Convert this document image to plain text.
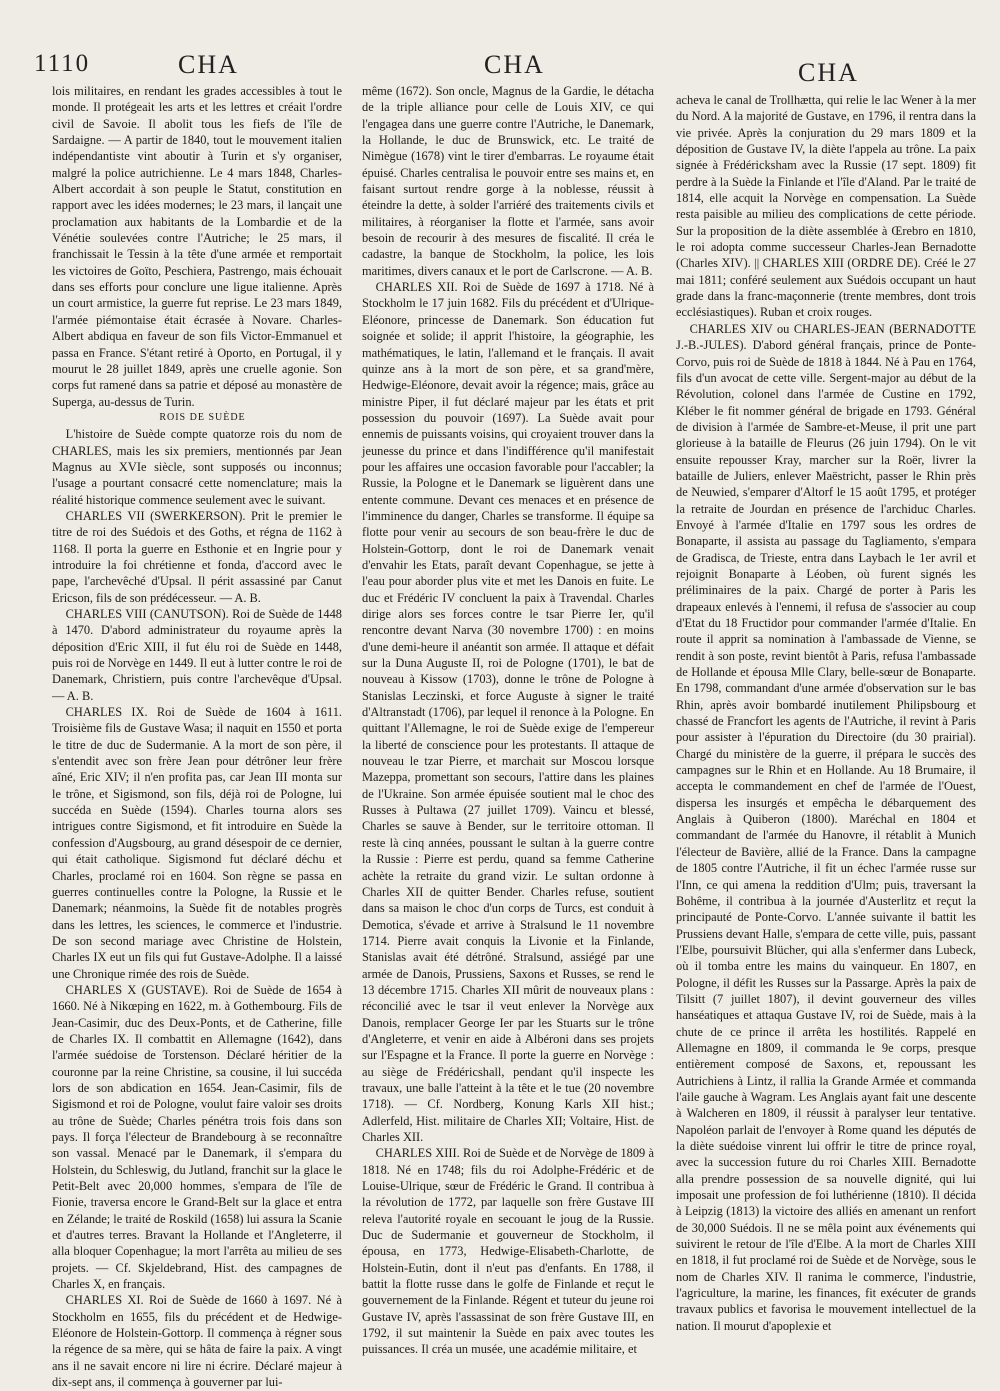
1110	CHA	CHA	CHA

lois militaires, en rendant les grades accessibles à tout le monde. Il protégeait les arts et les lettres et créait l'ordre civil de Savoie. Il abolit tous les fiefs de l'île de Sardaigne. — A partir de 1840, tout le mouvement italien indépendantiste vint aboutir à Turin et s'y organiser, malgré la police autrichienne. Le 4 mars 1848, Charles-Albert accordait à son peuple le Statut, constitution en rapport avec les idées modernes; le 23 mars, il lançait une proclamation aux habitants de la Lombardie et de la Vénétie soulevées contre l'Autriche; le 25 mars, il franchissait le Tessin à la tête d'une armée et remportait les victoires de Goïto, Peschiera, Pastrengo, mais échouait dans ses efforts pour conclure une ligue italienne. Après un court armistice, la guerre fut reprise. Le 23 mars 1849, l'armée piémontaise était écrasée à Novare. Charles-Albert abdiqua en faveur de son fils Victor-Emmanuel et passa en France. S'étant retiré à Oporto, en Portugal, il y mourut le 28 juillet 1849, après une cruelle agonie. Son corps fut ramené dans sa patrie et déposé au monastère de Superga, au-dessus de Turin.

ROIS DE SUÈDE

L'histoire de Suède compte quatorze rois du nom de CHARLES, mais les six premiers, mentionnés par Jean Magnus au XVIe siècle, sont supposés ou inconnus; l'usage a pourtant consacré cette nomenclature; mais la réalité historique commence seulement avec le suivant.

CHARLES VII (SWERKERSON). Prit le premier le titre de roi des Suédois et des Goths, et régna de 1162 à 1168. Il porta la guerre en Esthonie et en Ingrie pour y introduire la foi chrétienne et fonda, d'accord avec le pape, l'archevêché d'Upsal. Il périt assassiné par Canut Ericson, fils de son prédécesseur. — A. B.

CHARLES VIII (CANUTSON). Roi de Suède de 1448 à 1470. D'abord administrateur du royaume après la déposition d'Eric XIII, il fut élu roi de Suède en 1448, puis roi de Norvège en 1449. Il eut à lutter contre le roi de Danemark, Christiern, puis contre l'archevêque d'Upsal. — A. B.

CHARLES IX. Roi de Suède de 1604 à 1611. Troisième fils de Gustave Wasa; il naquit en 1550 et porta le titre de duc de Sudermanie. A la mort de son père, il s'entendit avec son frère Jean pour détrôner leur frère aîné, Eric XIV; il n'en profita pas, car Jean III monta sur le trône, et Sigismond, son fils, déjà roi de Pologne, lui succéda en Suède (1594). Charles tourna alors ses intrigues contre Sigismond, et fit introduire en Suède la confession d'Augsbourg, au grand désespoir de ce dernier, qui était catholique. Sigismond fut déclaré déchu et Charles, proclamé roi en 1604. Son règne se passa en guerres continuelles contre la Pologne, la Russie et le Danemark; néanmoins, la Suède fit de notables progrès dans les lettres, les sciences, le commerce et l'industrie. De son second mariage avec Christine de Holstein, Charles IX eut un fils qui fut Gustave-Adolphe. Il a laissé une Chronique rimée des rois de Suède.

CHARLES X (GUSTAVE). Roi de Suède de 1654 à 1660. Né à Nikœping en 1622, m. à Gothembourg. Fils de Jean-Casimir, duc des Deux-Ponts, et de Catherine, fille de Charles IX. Il combattit en Allemagne (1642), dans l'armée suédoise de Torstenson. Déclaré héritier de la couronne par la reine Christine, sa cousine, il lui succéda lors de son abdication en 1654. Jean-Casimir, fils de Sigismond et roi de Pologne, voulut faire valoir ses droits au trône de Suède; Charles pénétra trois fois dans son pays. Il força l'électeur de Brandebourg à se reconnaître son vassal. Menacé par le Danemark, il s'empara du Holstein, du Schleswig, du Jutland, franchit sur la glace le Petit-Belt avec 20,000 hommes, s'empara de l'île de Fionie, traversa encore le Grand-Belt sur la glace et entra en Zélande; le traité de Roskild (1658) lui assura la Scanie et d'autres terres. Bravant la Hollande et l'Angleterre, il alla bloquer Copenhague; la mort l'arrêta au milieu de ses projets. — Cf. Skjeldebrand, Hist. des campagnes de Charles X, en français.

CHARLES XI. Roi de Suède de 1660 à 1697. Né à Stockholm en 1655, fils du précédent et de Hedwige-Eléonore de Holstein-Gottorp. Il commença à régner sous la régence de sa mère, qui se hâta de faire la paix. A vingt ans il ne savait encore ni lire ni écrire. Déclaré majeur à dix-sept ans, il commença à gouverner par lui-

même (1672). Son oncle, Magnus de la Gardie, le détacha de la triple alliance pour celle de Louis XIV, ce qui l'engagea dans une guerre contre l'Autriche, le Danemark, la Hollande, le duc de Brunswick, etc. Le traité de Nimègue (1678) vint le tirer d'embarras. Le royaume était épuisé. Charles centralisa le pouvoir entre ses mains et, en faisant surtout rendre gorge à la noblesse, réussit à éteindre la dette, à solder l'arriéré des traitements civils et militaires, à réorganiser la flotte et l'armée, sans avoir besoin de recourir à des mesures de fiscalité. Il créa le cadastre, la banque de Stockholm, la police, les lois maritimes, divers canaux et le port de Carlscrone. — A. B.

CHARLES XII. Roi de Suède de 1697 à 1718. Né à Stockholm le 17 juin 1682. Fils du précédent et d'Ulrique-Eléonore, princesse de Danemark. Son éducation fut soignée et solide; il apprit l'histoire, la géographie, les mathématiques, le latin, l'allemand et le français. Il avait quinze ans à la mort de son père, et sa grand'mère, Hedwige-Eléonore, devait avoir la régence; mais, grâce au ministre Piper, il fut déclaré majeur par les états et prit possession du pouvoir (1697). La Suède avait pour ennemis de puissants voisins, qui croyaient trouver dans la jeunesse du prince et dans l'indifférence qu'il manifestait pour les affaires une occasion favorable pour l'accabler; la Russie, la Pologne et le Danemark se liguèrent dans une entente commune. Devant ces menaces et en présence de l'imminence du danger, Charles se transforme. Il équipe sa flotte pour venir au secours de son beau-frère le duc de Holstein-Gottorp, dont le roi de Danemark venait d'envahir les Etats, paraît devant Copenhague, se jette à l'eau pour aborder plus vite et met les Danois en fuite. Le duc et Frédéric IV concluent la paix à Travendal. Charles dirige alors ses forces contre le tsar Pierre Ier, qu'il rencontre devant Narva (30 novembre 1700) : en moins d'une demi-heure il anéantit son armée. Il attaque et défait sur la Duna Auguste II, roi de Pologne (1701), le bat de nouveau à Kissow (1703), donne le trône de Pologne à Stanislas Leczinski, et force Auguste à signer le traité d'Altranstadt (1706), par lequel il renonce à la Pologne. En quittant l'Allemagne, le roi de Suède exige de l'empereur la liberté de conscience pour les protestants. Il attaque de nouveau le tzar Pierre, et marchait sur Moscou lorsque Mazeppa, promettant son secours, l'attire dans les plaines de l'Ukraine. Son armée épuisée soutient mal le choc des Russes à Pultawa (27 juillet 1709). Vaincu et blessé, Charles se sauve à Bender, sur le territoire ottoman. Il reste là cinq années, poussant le sultan à la guerre contre la Russie : Pierre est perdu, quand sa femme Catherine achète la retraite du grand vizir. Le sultan ordonne à Charles XII de quitter Bender. Charles refuse, soutient dans sa maison le choc d'un corps de Turcs, est conduit à Demotica, s'évade et arrive à Stralsund le 11 novembre 1714. Pierre avait conquis la Livonie et la Finlande, Stanislas avait été détrôné. Stralsund, assiégé par une armée de Danois, Prussiens, Saxons et Russes, se rend le 13 décembre 1715. Charles XII mûrit de nouveaux plans : réconcilié avec le tsar il veut enlever la Norvège aux Danois, remplacer George Ier par les Stuarts sur le trône d'Angleterre, et venir en aide à Albéroni dans ses projets sur l'Espagne et la France. Il porte la guerre en Norvège : au siège de Frédéricshall, pendant qu'il inspecte les travaux, une balle l'atteint à la tête et le tue (20 novembre 1718). — Cf. Nordberg, Konung Karls XII hist.; Adlerfeld, Hist. militaire de Charles XII; Voltaire, Hist. de Charles XII.

CHARLES XIII. Roi de Suède et de Norvège de 1809 à 1818. Né en 1748; fils du roi Adolphe-Frédéric et de Louise-Ulrique, sœur de Frédéric le Grand. Il contribua à la révolution de 1772, par laquelle son frère Gustave III releva l'autorité royale en secouant le joug de la Russie. Duc de Sudermanie et gouverneur de Stockholm, il épousa, en 1773, Hedwige-Elisabeth-Charlotte, de Holstein-Eutin, dont il n'eut pas d'enfants. En 1788, il battit la flotte russe dans le golfe de Finlande et reçut le gouvernement de la Finlande. Régent et tuteur du jeune roi Gustave IV, après l'assassinat de son frère Gustave III, en 1792, il sut maintenir la Suède en paix avec toutes les puissances. Il créa un musée, une académie militaire, et

acheva le canal de Trollhætta, qui relie le lac Wener à la mer du Nord. A la majorité de Gustave, en 1796, il rentra dans la vie privée. Après la conjuration du 29 mars 1809 et la déposition de Gustave IV, la diète l'appela au trône. La paix signée à Frédéricksham avec la Russie (17 sept. 1809) fit perdre à la Suède la Finlande et l'île d'Aland. Par le traité de 1814, elle acquit la Norvège en compensation. La Suède resta paisible au milieu des complications de cette période. Sur la proposition de la diète assemblée à Œrebro en 1810, le roi adopta comme successeur Charles-Jean Bernadotte (Charles XIV). || CHARLES XIII (ORDRE DE). Créé le 27 mai 1811; conféré seulement aux Suédois occupant un haut grade dans la franc-maçonnerie (trente membres, dont trois ecclésiastiques). Ruban et croix rouges.

CHARLES XIV ou CHARLES-JEAN (BERNADOTTE J.-B.-JULES). D'abord général français, prince de Ponte-Corvo, puis roi de Suède de 1818 à 1844. Né à Pau en 1764, fils d'un avocat de cette ville. Sergent-major au début de la Révolution, colonel dans l'armée de Custine en 1792, Kléber le fit nommer général de brigade en 1793. Général de division à l'armée de Sambre-et-Meuse, il prit une part glorieuse à la bataille de Fleurus (26 juin 1794). On le vit ensuite repousser Kray, marcher sur la Roër, livrer la bataille de Juliers, enlever Maëstricht, passer le Rhin près de Neuwied, s'emparer d'Altorf le 15 août 1795, et protéger la retraite de Jourdan en présence de l'archiduc Charles. Envoyé à l'armée d'Italie en 1797 sous les ordres de Bonaparte, il assista au passage du Tagliamento, s'empara de Gradisca, de Trieste, entra dans Laybach le 1er avril et rejoignit Bonaparte à Léoben, où furent signés les préliminaires de la paix. Chargé de porter à Paris les drapeaux enlevés à l'ennemi, il refusa de s'associer au coup d'Etat du 18 Fructidor pour commander l'armée d'Italie. En route il apprit sa nomination à l'ambassade de Vienne, se rendit à son poste, revint bientôt à Paris, refusa l'ambassade de Hollande et épousa Mlle Clary, belle-sœur de Bonaparte. En 1798, commandant d'une armée d'observation sur le bas Rhin, après avoir bombardé inutilement Philipsbourg et chassé de Francfort les agents de l'Autriche, il revint à Paris pour assister à l'épuration du Directoire (du 30 prairial). Chargé du ministère de la guerre, il prépara le succès des campagnes sur le Rhin et en Hollande. Au 18 Brumaire, il accepta le commandement en chef de l'armée de l'Ouest, dispersa les insurgés et empêcha le débarquement des Anglais à Quiberon (1800). Maréchal en 1804 et commandant de l'armée du Hanovre, il rétablit à Munich l'électeur de Bavière, allié de la France. Dans la campagne de 1805 contre l'Autriche, il fit un échec l'armée russe sur l'Inn, ce qui amena la reddition d'Ulm; puis, traversant la Bohême, il contribua à la journée d'Austerlitz et reçut la principauté de Ponte-Corvo. L'année suivante il battit les Prussiens devant Halle, s'empara de cette ville, puis, passant l'Elbe, poursuivit Blücher, qui alla s'enfermer dans Lubeck, où il tomba entre les mains du vainqueur. En 1807, en Pologne, il défit les Russes sur la Passarge. Après la paix de Tilsitt (7 juillet 1807), il devint gouverneur des villes hanséatiques et attaqua Gustave IV, roi de Suède, mais à la chute de ce prince il arrêta les hostilités. Rappelé en Allemagne en 1809, il commanda le 9e corps, presque entièrement composé de Saxons, et, repoussant les Autrichiens à Lintz, il rallia la Grande Armée et commanda l'aile gauche à Wagram. Les Anglais ayant fait une descente à Walcheren en 1809, il réussit à paralyser leur tentative. Napoléon parlait de l'envoyer à Rome quand les députés de la diète suédoise vinrent lui offrir le titre de prince royal, avec la succession future du roi Charles XIII. Bernadotte alla prendre possession de sa nouvelle dignité, qui lui imposait une profession de foi luthérienne (1810). Il décida à Leipzig (1813) la victoire des alliés en amenant un renfort de 30,000 Suédois. Il ne se mêla point aux événements qui suivirent le retour de l'île d'Elbe. A la mort de Charles XIII en 1818, il fut proclamé roi de Suède et de Norvège, sous le nom de Charles XIV. Il ranima le commerce, l'industrie, l'agriculture, la marine, les finances, fit exécuter de grands travaux publics et favorisa le mouvement intellectuel de la nation. Il mourut d'apoplexie et
